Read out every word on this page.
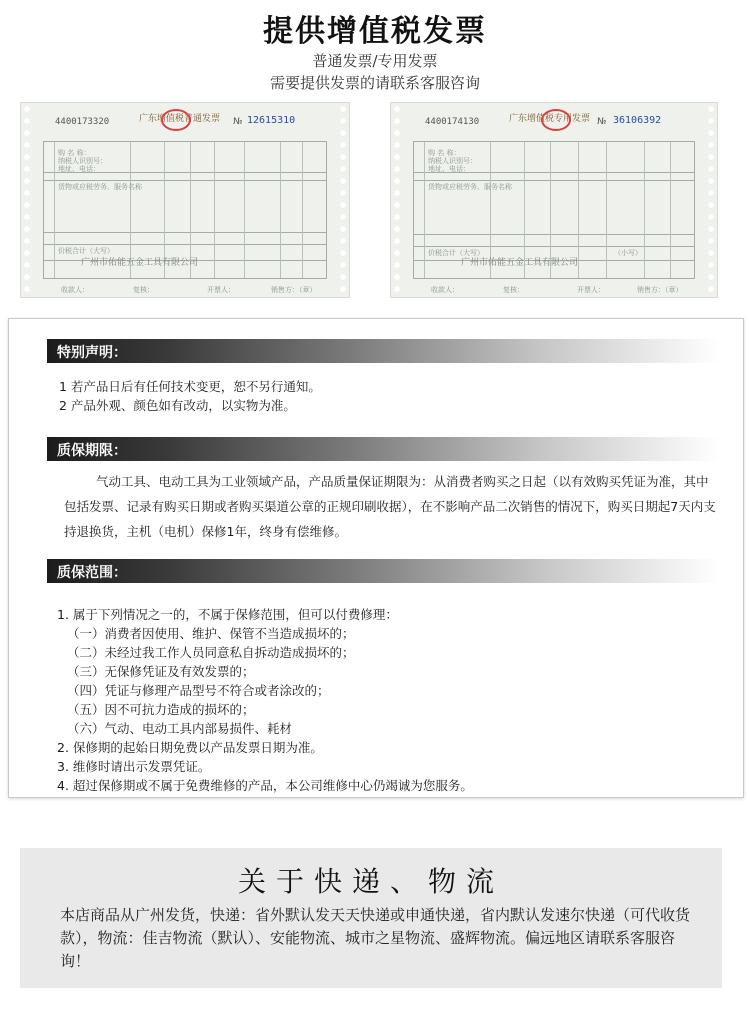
提供增值税发票
普通发票/专用发票
需要提供发票的请联系客服咨询
4400173320	广东增值税普通发票 № 12615310
购 名 称：
纳税人识别号：
地址、电话：
货物或应税劳务、服务名称
价税合计（大写）
广州市佑能五金工具有限公司
收款人：	复核：	开票人：	销售方：（章）
4400174130	广东增值税专用发票 № 36106392
购 名 称：
纳税人识别号：
地址、电话：
货物或应税劳务、服务名称
价税合计（大写）	（小写）
广州市佑能五金工具有限公司
收款人：	复核：	开票人：	销售方：（章）
特别声明：
1 若产品日后有任何技术变更，恕不另行通知。
2 产品外观、颜色如有改动，以实物为准。
质保期限：
气动工具、电动工具为工业领域产品，产品质量保证期限为：从消费者购买之日起（以有效购买凭证为准，其中包括发票、记录有购买日期或者购买渠道公章的正规印刷收据），在不影响产品二次销售的情况下，购买日期起7天内支持退换货，主机（电机）保修1年，终身有偿维修。
质保范围：
1. 属于下列情况之一的，不属于保修范围，但可以付费修理：
（一）消费者因使用、维护、保管不当造成损坏的；
（二）未经过我工作人员同意私自拆动造成损坏的；
（三）无保修凭证及有效发票的；
（四）凭证与修理产品型号不符合或者涂改的；
（五）因不可抗力造成的损坏的；
（六）气动、电动工具内部易损件、耗材
2. 保修期的起始日期免费以产品发票日期为准。
3. 维修时请出示发票凭证。
4. 超过保修期或不属于免费维修的产品，本公司维修中心仍竭诚为您服务。
关于快递、物流
本店商品从广州发货，快递：省外默认发天天快递或申通快递，省内默认发速尔快递（可代收货款），物流：佳吉物流（默认）、安能物流、城市之星物流、盛辉物流。偏远地区请联系客服咨询！
